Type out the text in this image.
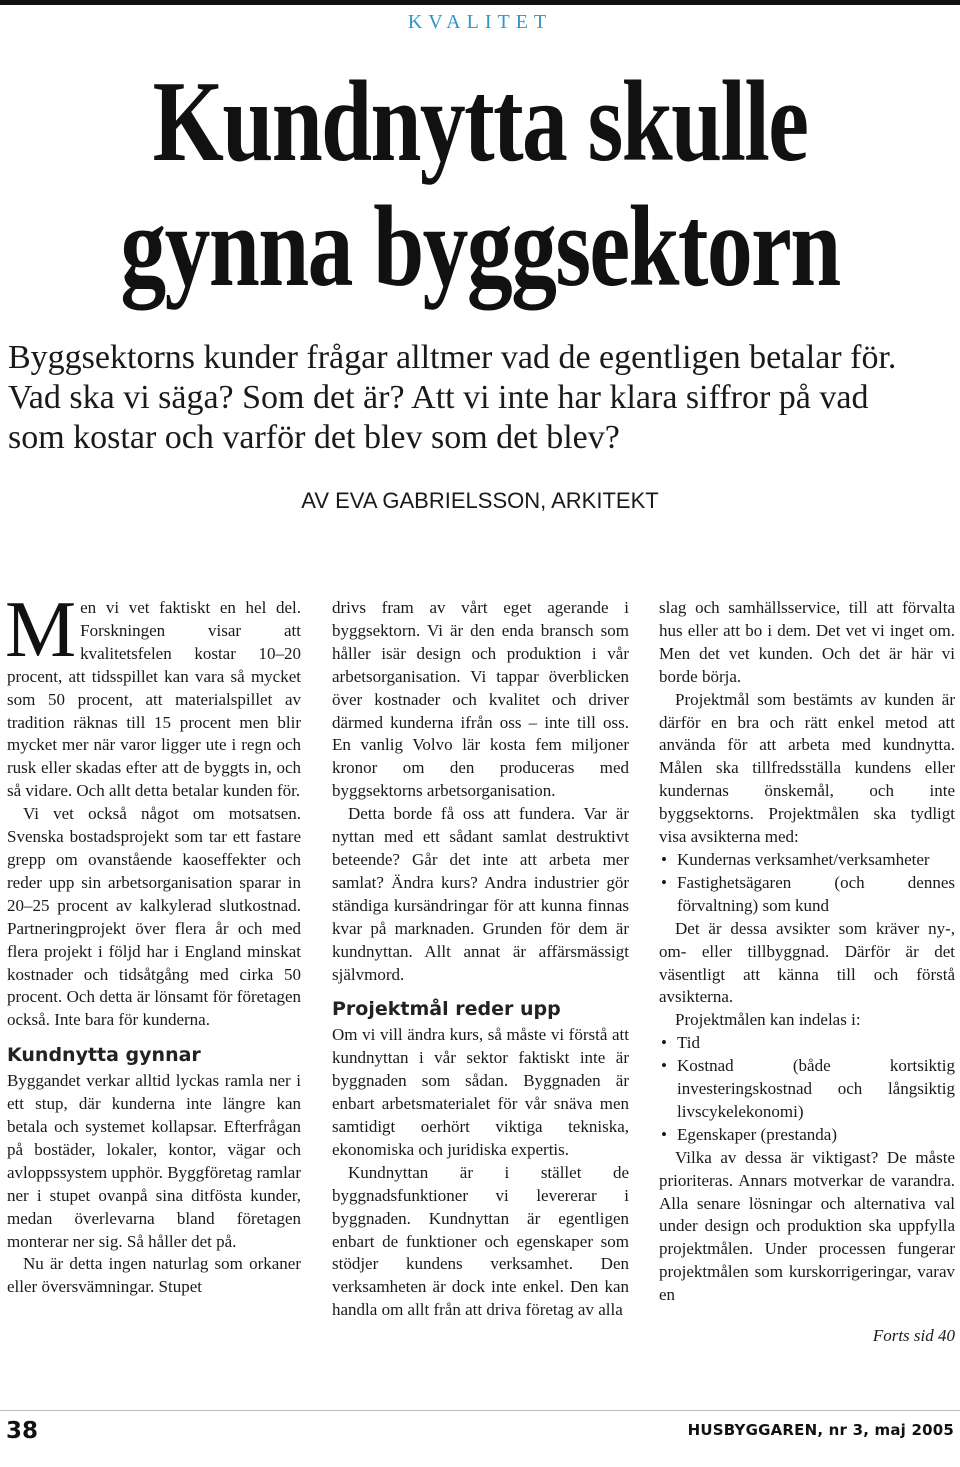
KVALITET
Kundnytta skulle
gynna byggsektorn
Byggsektorns kunder frågar alltmer vad de egentligen betalar för.
Vad ska vi säga? Som det är? Att vi inte har klara siffror på vad
som kostar och varför det blev som det blev?
AV EVA GABRIELSSON, ARKITEKT

Men vi vet faktiskt en hel del. Forskningen visar att kvalitetsfelen kostar 10–20 procent, att tidsspillet kan vara så mycket som 50 procent, att materialspillet av tradition räknas till 15 procent men blir mycket mer när varor ligger ute i regn och rusk eller skadas efter att de byggts in, och så vidare. Och allt detta betalar kunden för.

Vi vet också något om motsatsen. Svenska bostadsprojekt som tar ett fastare grepp om ovanstående kaoseffekter och reder upp sin arbetsorganisation sparar in 20–25 procent av kalkylerad slutkostnad. Partneringprojekt över flera år och med flera projekt i följd har i England minskat kostnader och tidsåtgång med cirka 50 procent. Och detta är lönsamt för företagen också. Inte bara för kunderna.

Kundnytta gynnar

Byggandet verkar alltid lyckas ramla ner i ett stup, där kunderna inte längre kan betala och systemet kollapsar. Efterfrågan på bostäder, lokaler, kontor, vägar och avloppssystem upphör. Byggföretag ramlar ner i stupet ovanpå sina ditfösta kunder, medan överlevarna bland företagen monterar ner sig. Så håller det på.

Nu är detta ingen naturlag som orkaner eller översvämningar. Stupet

drivs fram av vårt eget agerande i byggsektorn. Vi är den enda bransch som håller isär design och produktion i vår arbetsorganisation. Vi tappar överblicken över kostnader och kvalitet och driver därmed kunderna ifrån oss – inte till oss. En vanlig Volvo lär kosta fem miljoner kronor om den produceras med byggsektorns arbetsorganisation.

Detta borde få oss att fundera. Var är nyttan med ett sådant samlat destruktivt beteende? Går det inte att arbeta mer samlat? Ändra kurs? Andra industrier gör ständiga kursändringar för att kunna finnas kvar på marknaden. Grunden för dem är kundnyttan. Allt annat är affärsmässigt självmord.

Projektmål reder upp

Om vi vill ändra kurs, så måste vi förstå att kundnyttan i vår sektor faktiskt inte är byggnaden som sådan. Byggnaden är enbart arbetsmaterialet för vår snäva men samtidigt oerhört viktiga tekniska, ekonomiska och juridiska expertis.

Kundnyttan är i stället de byggnadsfunktioner vi levererar i byggnaden. Kundnyttan är egentligen enbart de funktioner och egenskaper som stödjer kundens verksamhet. Den verksamheten är dock inte enkel. Den kan handla om allt från att driva företag av alla

slag och samhällsservice, till att förvalta hus eller att bo i dem. Det vet vi inget om. Men det vet kunden. Och det är här vi borde börja.

Projektmål som bestämts av kunden är därför en bra och rätt enkel metod att använda för att arbeta med kundnytta. Målen ska tillfredsställa kundens eller kundernas önskemål, och inte byggsektorns. Projektmålen ska tydligt visa avsikterna med:

• Kundernas verksamhet/verksamheter
• Fastighetsägaren (och dennes förvaltning) som kund

Det är dessa avsikter som kräver ny-, om- eller tillbyggnad. Därför är det väsentligt att känna till och förstå avsikterna.

Projektmålen kan indelas i:

• Tid
• Kostnad (både kortsiktig investeringskostnad och långsiktig livscykelekonomi)
• Egenskaper (prestanda)

Vilka av dessa är viktigast? De måste prioriteras. Annars motverkar de varandra. Alla senare lösningar och alternativa val under design och produktion ska uppfylla projektmålen. Under processen fungerar projektmålen som kurskorrigeringar, varav en

Forts sid 40
38	HUSBYGGAREN, nr 3, maj 2005
